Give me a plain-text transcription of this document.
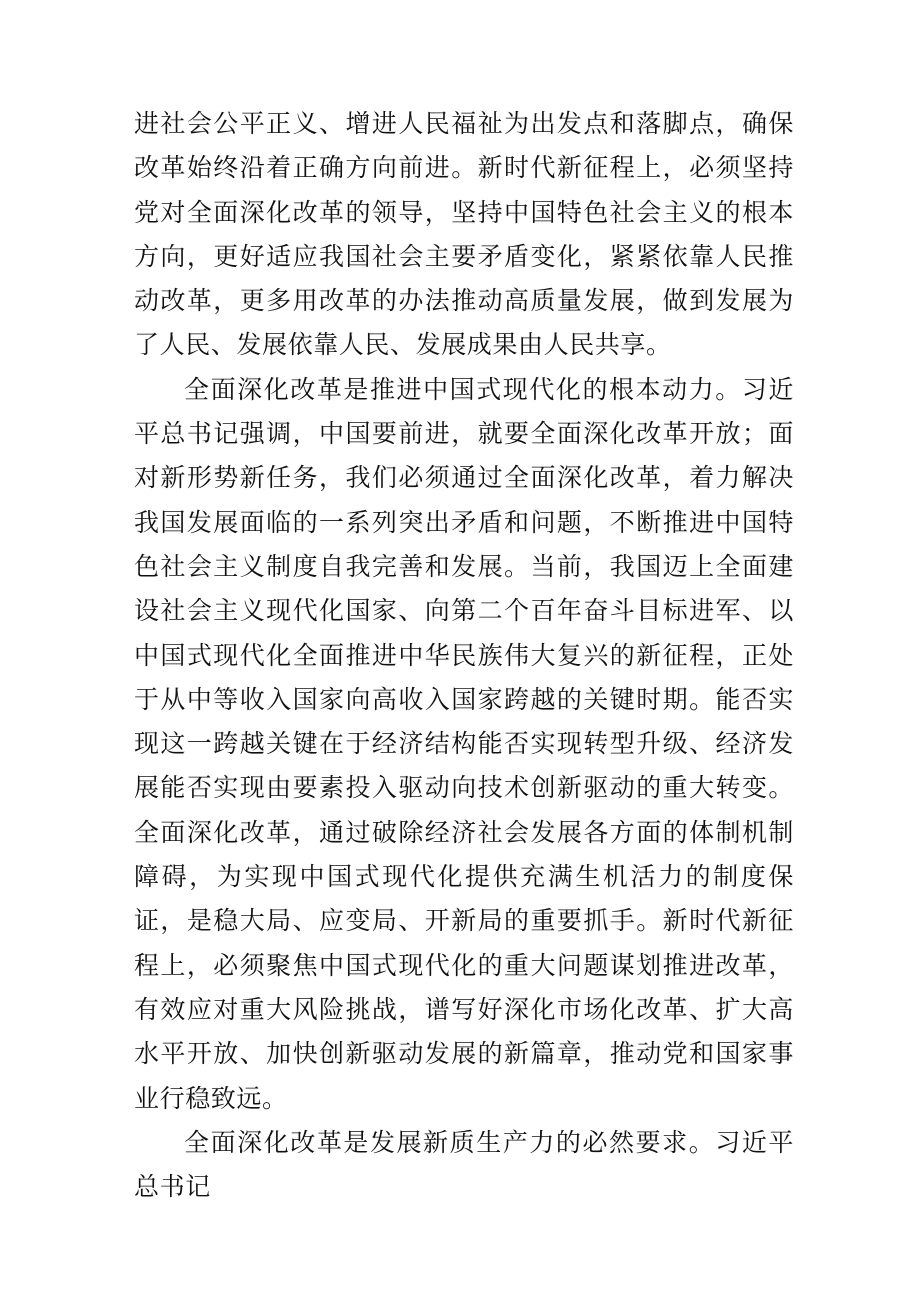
进社会公平正义、增进人民福祉为出发点和落脚点，确保改革始终沿着正确方向前进。新时代新征程上，必须坚持党对全面深化改革的领导，坚持中国特色社会主义的根本方向，更好适应我国社会主要矛盾变化，紧紧依靠人民推动改革，更多用改革的办法推动高质量发展，做到发展为了人民、发展依靠人民、发展成果由人民共享。

全面深化改革是推进中国式现代化的根本动力。习近平总书记强调，中国要前进，就要全面深化改革开放；面对新形势新任务，我们必须通过全面深化改革，着力解决我国发展面临的一系列突出矛盾和问题，不断推进中国特色社会主义制度自我完善和发展。当前，我国迈上全面建设社会主义现代化国家、向第二个百年奋斗目标进军、以中国式现代化全面推进中华民族伟大复兴的新征程，正处于从中等收入国家向高收入国家跨越的关键时期。能否实现这一跨越关键在于经济结构能否实现转型升级、经济发展能否实现由要素投入驱动向技术创新驱动的重大转变。全面深化改革，通过破除经济社会发展各方面的体制机制障碍，为实现中国式现代化提供充满生机活力的制度保证，是稳大局、应变局、开新局的重要抓手。新时代新征程上，必须聚焦中国式现代化的重大问题谋划推进改革，有效应对重大风险挑战，谱写好深化市场化改革、扩大高水平开放、加快创新驱动发展的新篇章，推动党和国家事业行稳致远。

全面深化改革是发展新质生产力的必然要求。习近平总书记
